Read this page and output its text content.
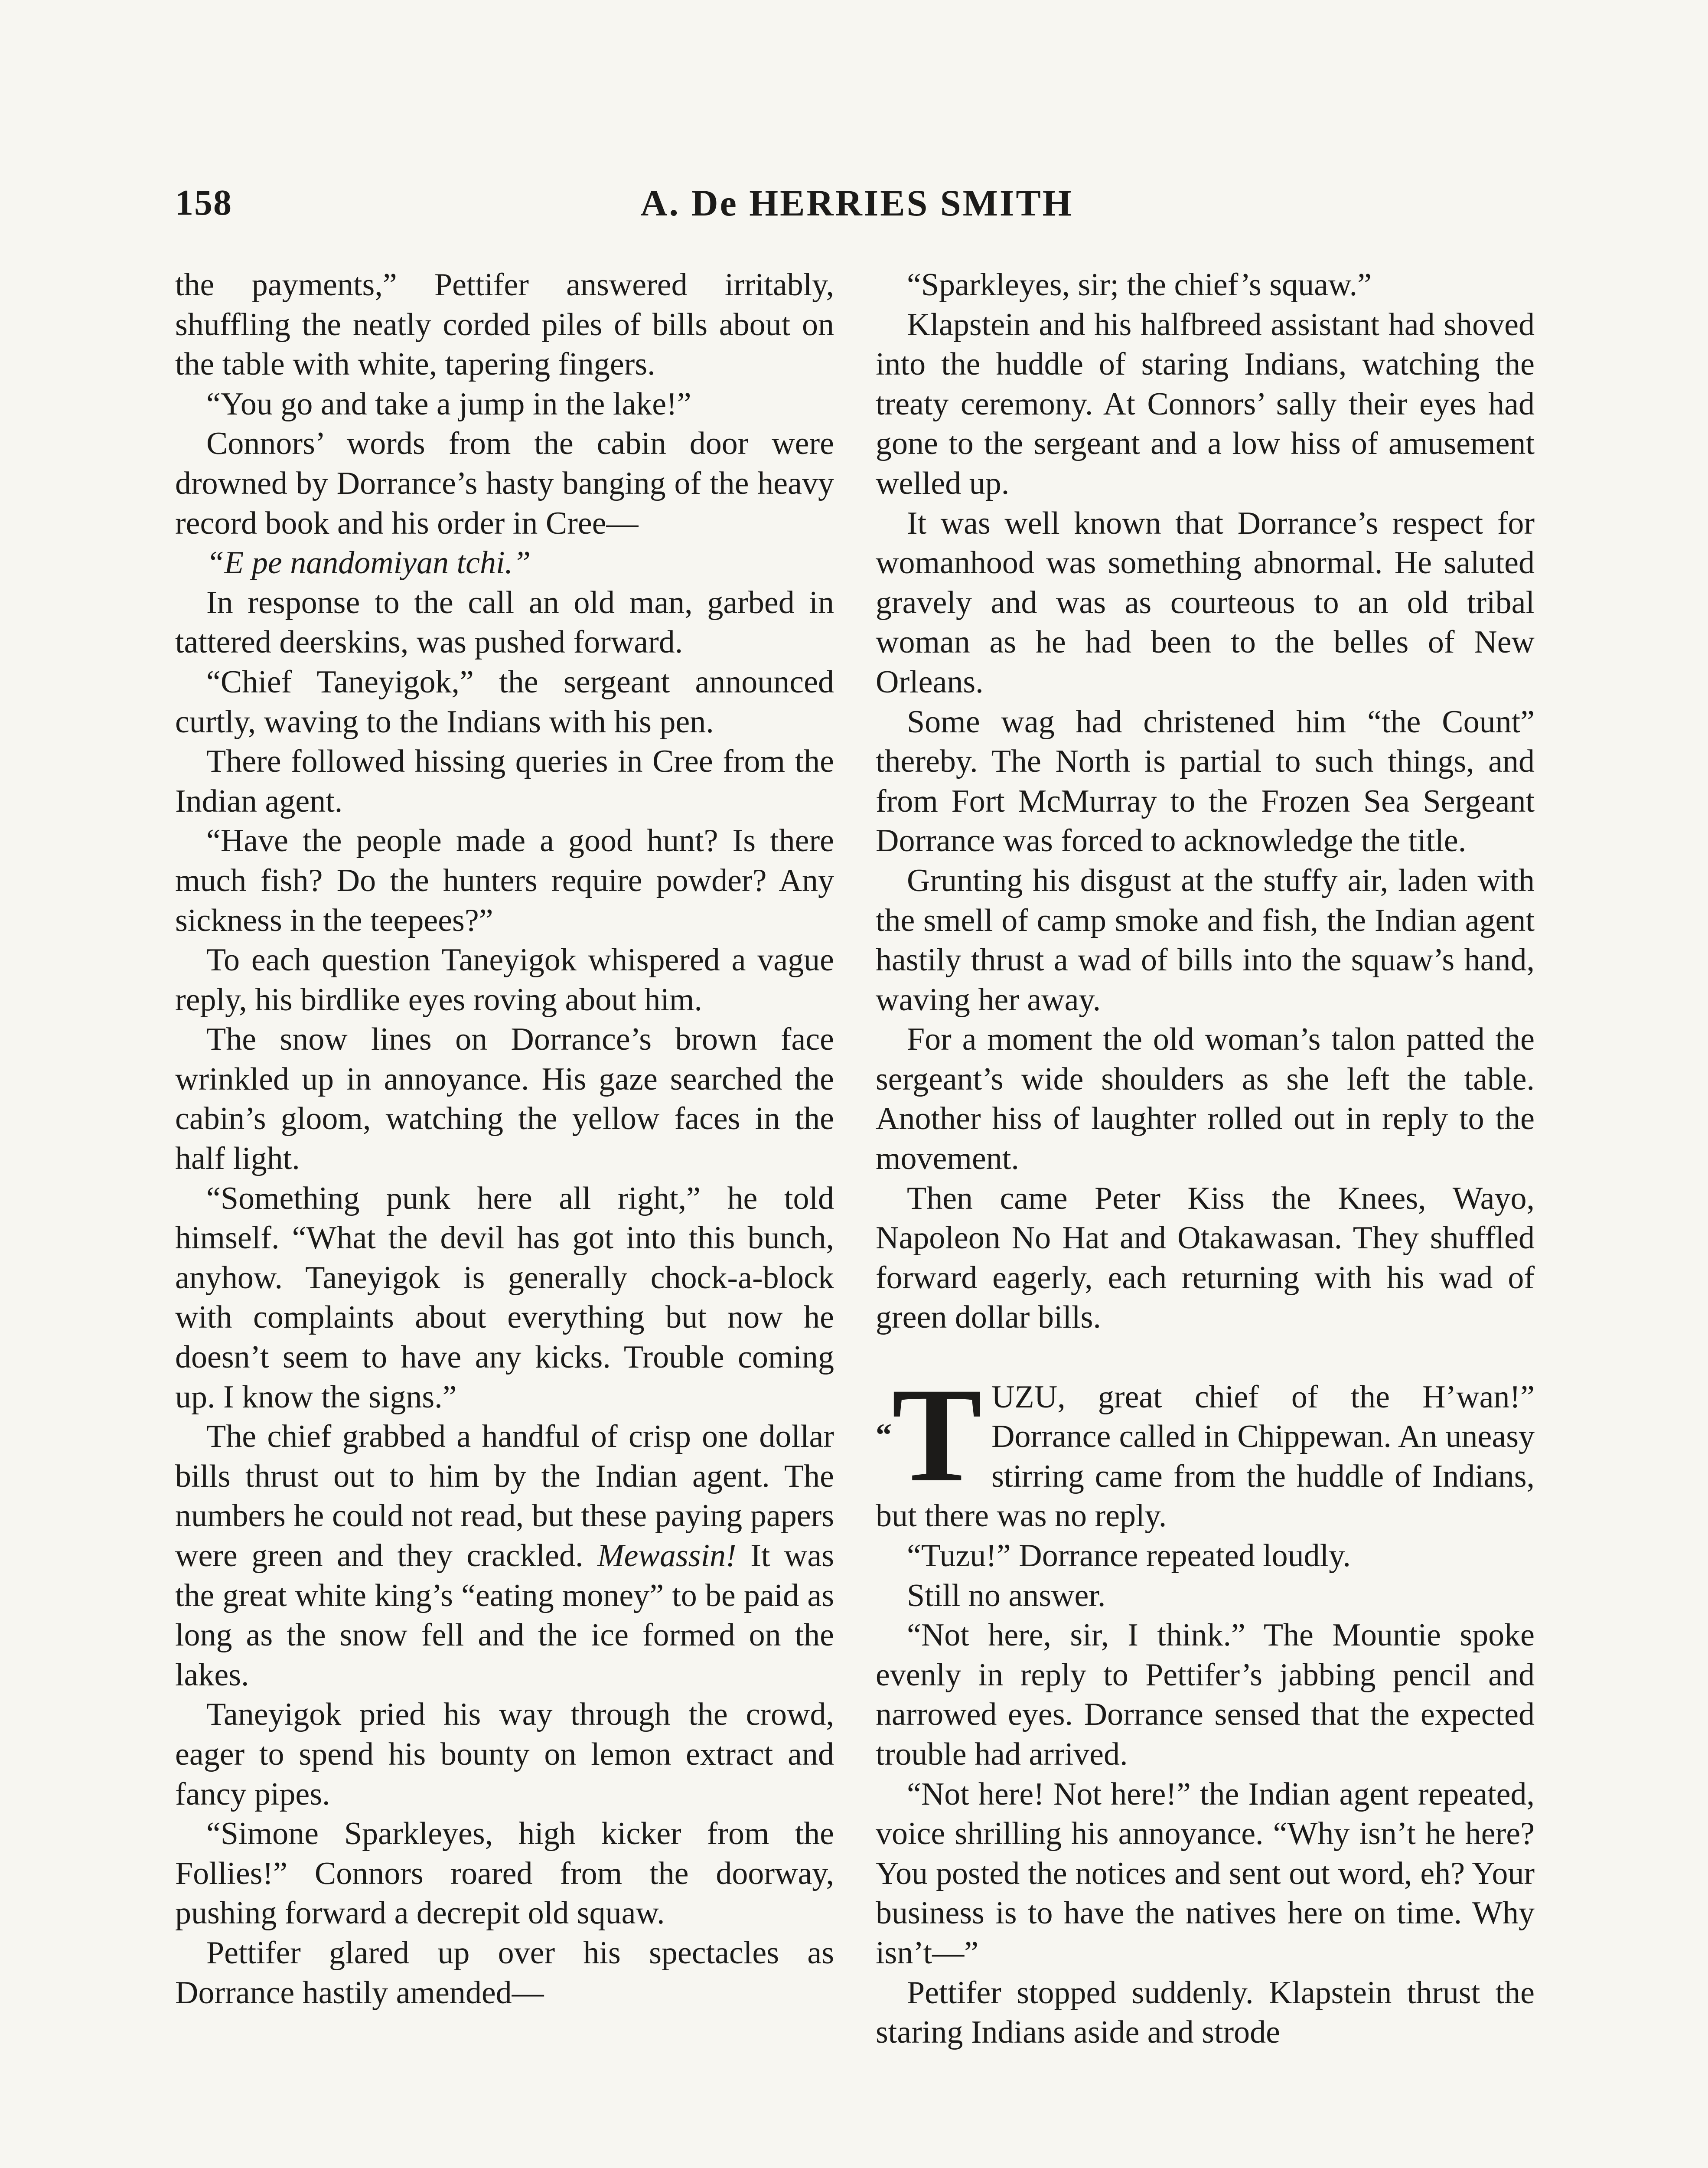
158	A. De HERRIES SMITH

the payments,” Pettifer answered irritably, shuffling the neatly corded piles of bills about on the table with white, tapering fingers.

“You go and take a jump in the lake!”

Connors’ words from the cabin door were drowned by Dorrance’s hasty banging of the heavy record book and his order in Cree—

“E pe nandomiyan tchi.”

In response to the call an old man, garbed in tattered deerskins, was pushed forward.

“Chief Taneyigok,” the sergeant announced curtly, waving to the Indians with his pen.

There followed hissing queries in Cree from the Indian agent.

“Have the people made a good hunt? Is there much fish? Do the hunters require powder? Any sickness in the teepees?”

To each question Taneyigok whispered a vague reply, his birdlike eyes roving about him.

The snow lines on Dorrance’s brown face wrinkled up in annoyance. His gaze searched the cabin’s gloom, watching the yellow faces in the half light.

“Something punk here all right,” he told himself. “What the devil has got into this bunch, anyhow. Taneyigok is generally chock-a-block with complaints about everything but now he doesn’t seem to have any kicks. Trouble coming up. I know the signs.”

The chief grabbed a handful of crisp one dollar bills thrust out to him by the Indian agent. The numbers he could not read, but these paying papers were green and they crackled. Mewassin! It was the great white king’s “eating money” to be paid as long as the snow fell and the ice formed on the lakes.

Taneyigok pried his way through the crowd, eager to spend his bounty on lemon extract and fancy pipes.

“Simone Sparkleyes, high kicker from the Follies!” Connors roared from the doorway, pushing forward a decrepit old squaw.

Pettifer glared up over his spectacles as Dorrance hastily amended—

“Sparkleyes, sir; the chief’s squaw.”

Klapstein and his halfbreed assistant had shoved into the huddle of staring Indians, watching the treaty ceremony. At Connors’ sally their eyes had gone to the sergeant and a low hiss of amusement welled up.

It was well known that Dorrance’s respect for womanhood was something abnormal. He saluted gravely and was as courteous to an old tribal woman as he had been to the belles of New Orleans.

Some wag had christened him “the Count” thereby. The North is partial to such things, and from Fort McMurray to the Frozen Sea Sergeant Dorrance was forced to acknowledge the title.

Grunting his disgust at the stuffy air, laden with the smell of camp smoke and fish, the Indian agent hastily thrust a wad of bills into the squaw’s hand, waving her away.

For a moment the old woman’s talon patted the sergeant’s wide shoulders as she left the table. Another hiss of laughter rolled out in reply to the movement.

Then came Peter Kiss the Knees, Wayo, Napoleon No Hat and Otakawasan. They shuffled forward eagerly, each returning with his wad of green dollar bills.

“T UZU, great chief of the H’wan!” Dorrance called in Chippewan. An uneasy stirring came from the huddle of Indians, but there was no reply.

“Tuzu!” Dorrance repeated loudly.

Still no answer.

“Not here, sir, I think.” The Mountie spoke evenly in reply to Pettifer’s jabbing pencil and narrowed eyes. Dorrance sensed that the expected trouble had arrived.

“Not here! Not here!” the Indian agent repeated, voice shrilling his annoyance. “Why isn’t he here? You posted the notices and sent out word, eh? Your business is to have the natives here on time. Why isn’t—”

Pettifer stopped suddenly. Klapstein thrust the staring Indians aside and strode
